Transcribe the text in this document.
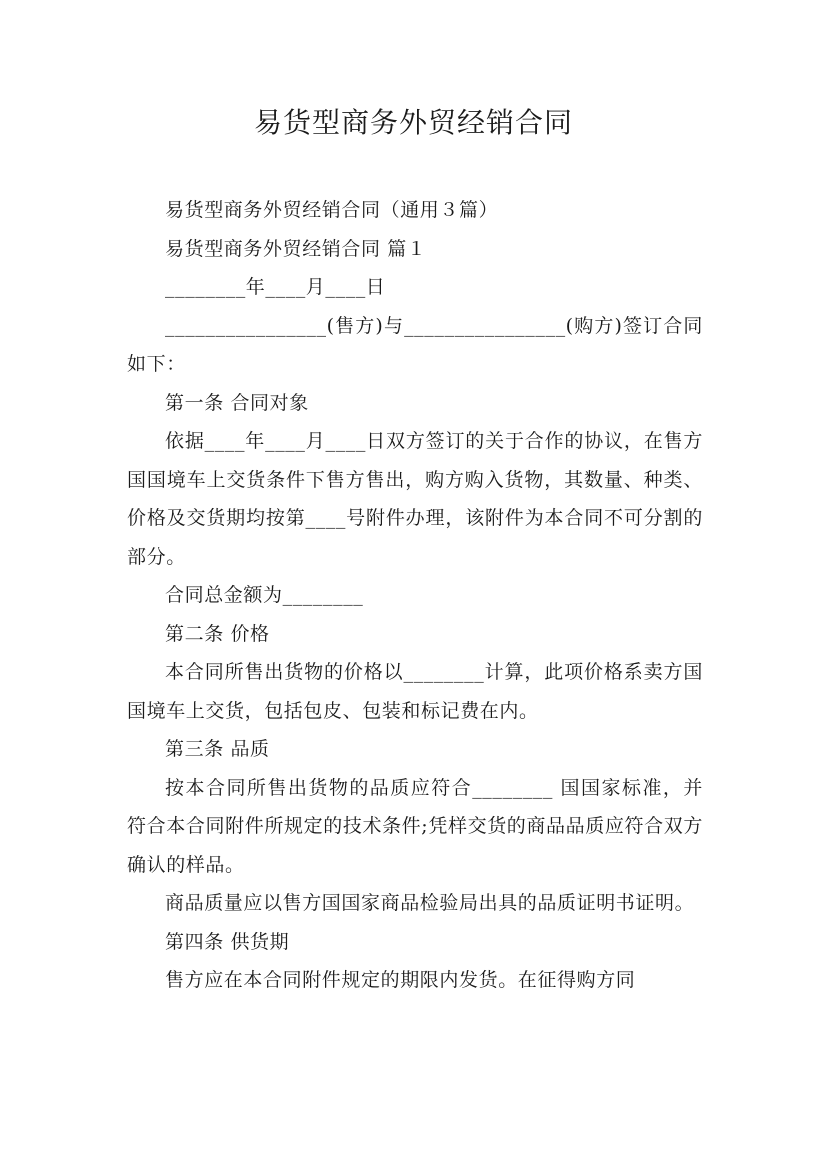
易货型商务外贸经销合同

易货型商务外贸经销合同（通用３篇）

易货型商务外贸经销合同 篇１

________年____月____日

________________(售方)与________________(购方)签订合同如下：

第一条 合同对象

依据____年____月____日双方签订的关于合作的协议，在售方国国境车上交货条件下售方售出，购方购入货物，其数量、种类、价格及交货期均按第____号附件办理，该附件为本合同不可分割的部分。

合同总金额为________

第二条 价格

本合同所售出货物的价格以________计算，此项价格系卖方国国境车上交货，包括包皮、包装和标记费在内。

第三条 品质

按本合同所售出货物的品质应符合________ 国国家标准，并符合本合同附件所规定的技术条件;凭样交货的商品品质应符合双方确认的样品。

商品质量应以售方国国家商品检验局出具的品质证明书证明。

第四条 供货期

售方应在本合同附件规定的期限内发货。在征得购方同
